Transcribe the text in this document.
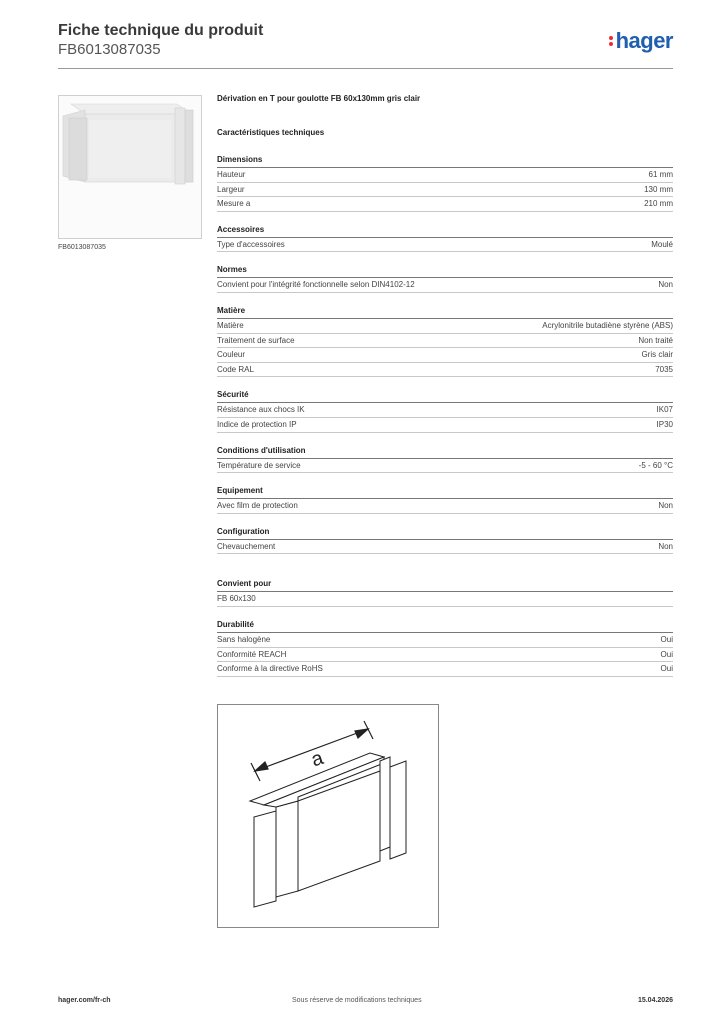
Fiche technique du produit
FB6013087035	hager
FB6013087035
Dérivation en T pour goulotte FB 60x130mm gris clair
Caractéristiques techniques
Dimensions
Hauteur	61 mm
Largeur	130 mm
Mesure a	210 mm
Accessoires
Type d'accessoires	Moulé
Normes
Convient pour l'intégrité fonctionnelle selon DIN4102-12	Non
Matière
Matière	Acrylonitrile butadiène styrène (ABS)
Traitement de surface	Non traité
Couleur	Gris clair
Code RAL	7035
Sécurité
Résistance aux chocs IK	IK07
Indice de protection IP	IP30
Conditions d'utilisation
Température de service	-5 - 60 °C
Equipement
Avec film de protection	Non
Configuration
Chevauchement	Non
Convient pour
FB 60x130
Durabilité
Sans halogène	Oui
Conformité REACH	Oui
Conforme à la directive RoHS	Oui
a
hager.com/fr-ch	Sous réserve de modifications techniques	15.04.2026
